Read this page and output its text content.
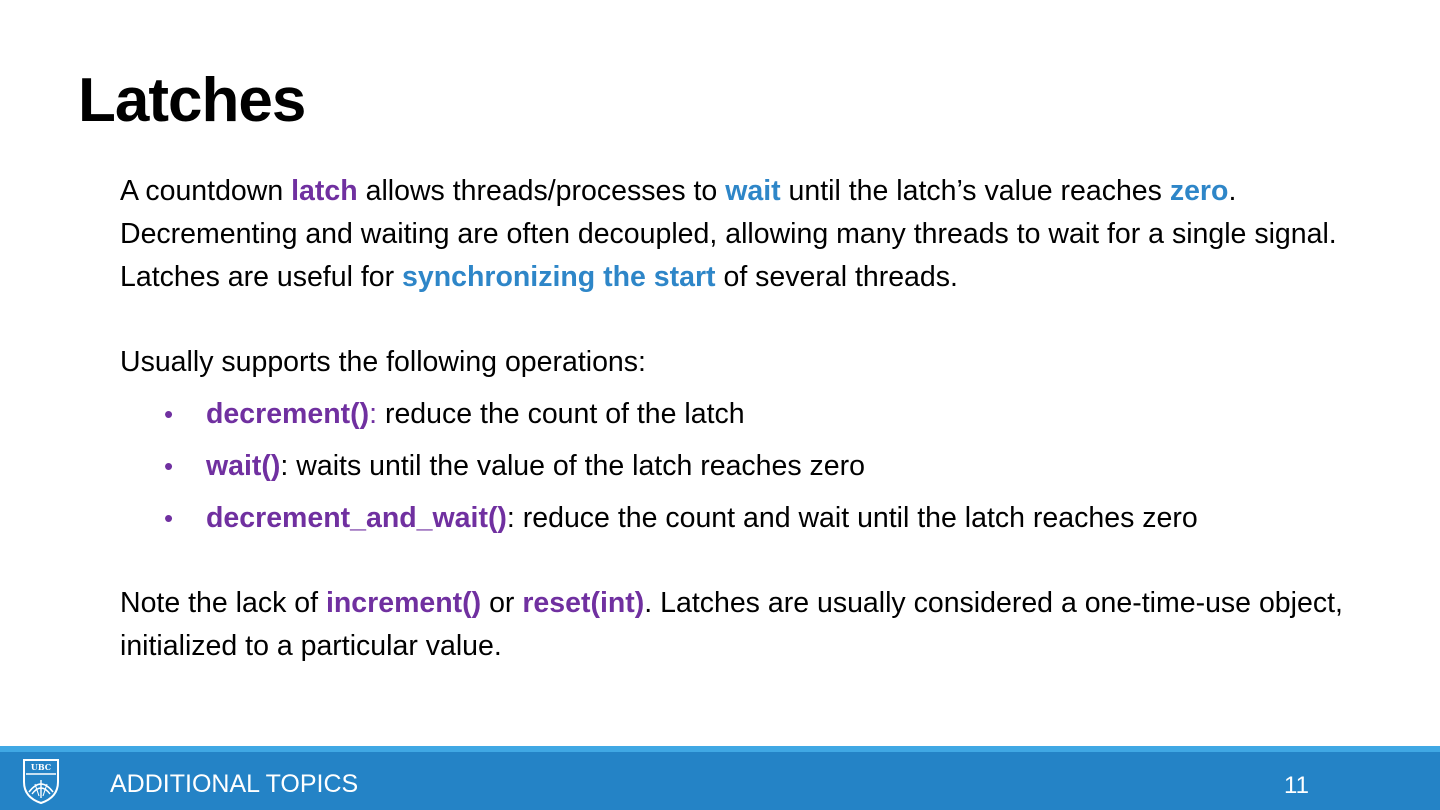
Latches

A countdown latch allows threads/processes to wait until the latch’s value reaches zero. Decrementing and waiting are often decoupled, allowing many threads to wait for a single signal. Latches are useful for synchronizing the start of several threads.

Usually supports the following operations:

• decrement(): reduce the count of the latch
• wait(): waits until the value of the latch reaches zero
• decrement_and_wait(): reduce the count and wait until the latch reaches zero

Note the lack of increment() or reset(int). Latches are usually considered a one-time-use object, initialized to a particular value.

UBC
ADDITIONAL TOPICS	11
